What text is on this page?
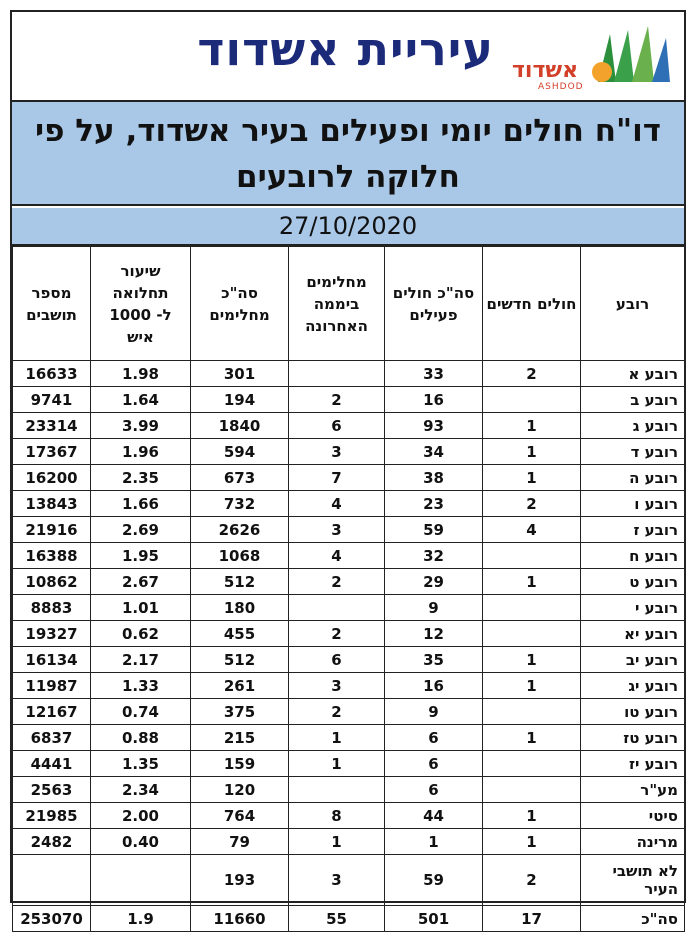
אשדוד
ASHDOD
עיריית אשדוד
דו"ח חולים יומי ופעילים בעיר אשדוד, על פי
חלוקה לרובעים
27/10/2020
רובע	חולים חדשים	סה"כ חולים פעילים	מחלימים ביממה האחרונה	סה"כ מחלימים	שיעור
תחלואה
ל- 1000
איש	מספר תושבים
רובע א	2	33		301	1.98	16633
רובע ב		16	2	194	1.64	9741
רובע ג	1	93	6	1840	3.99	23314
רובע ד	1	34	3	594	1.96	17367
רובע ה	1	38	7	673	2.35	16200
רובע ו	2	23	4	732	1.66	13843
רובע ז	4	59	3	2626	2.69	21916
רובע ח		32	4	1068	1.95	16388
רובע ט	1	29	2	512	2.67	10862
רובע י		9		180	1.01	8883
רובע יא		12	2	455	0.62	19327
רובע יב	1	35	6	512	2.17	16134
רובע יג	1	16	3	261	1.33	11987
רובע טו		9	2	375	0.74	12167
רובע טז	1	6	1	215	0.88	6837
רובע יז		6	1	159	1.35	4441
מע"ר		6		120	2.34	2563
סיטי	1	44	8	764	2.00	21985
מרינה	1	1	1	79	0.40	2482
לא תושבי העיר	2	59	3	193		
סה"כ	17	501	55	11660	1.9	253070
